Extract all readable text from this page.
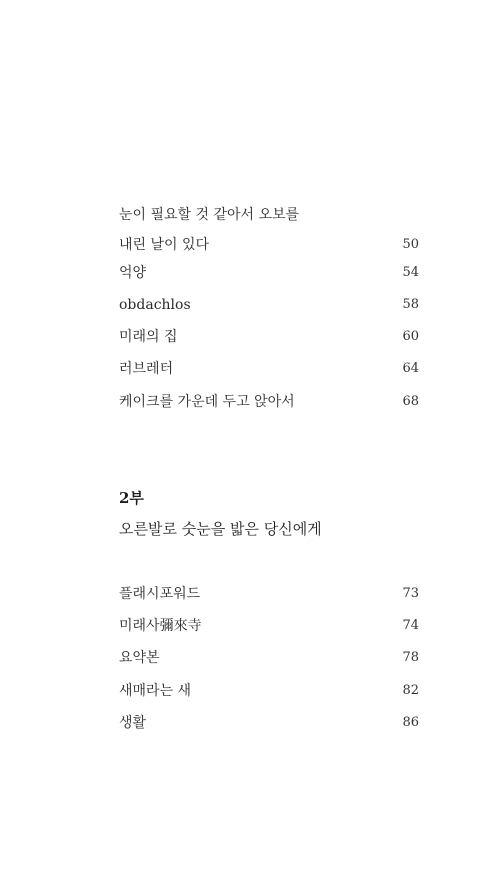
눈이 필요할 것 같아서 오보를
내린 날이 있다	50
억양	54
obdachlos	58
미래의 집	60
러브레터	64
케이크를 가운데 두고 앉아서	68
2부
오른발로 숫눈을 밟은 당신에게
플래시포워드	73
미래사彌來寺	74
요약본	78
새매라는 새	82
생활	86
